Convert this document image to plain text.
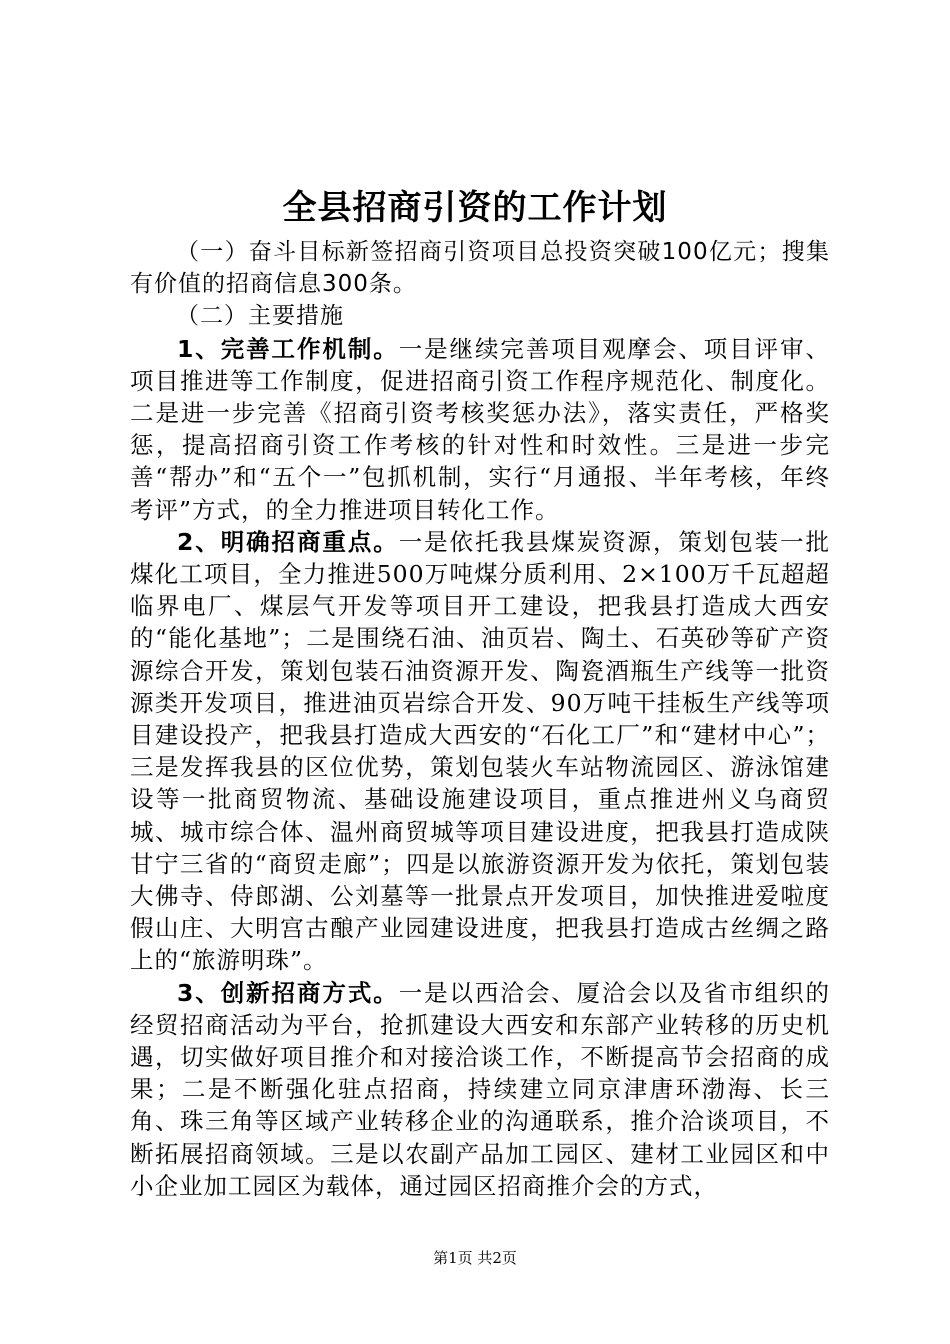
全县招商引资的工作计划

（一）奋斗目标新签招商引资项目总投资突破100亿元；搜集有价值的招商信息300条。

（二）主要措施

1、完善工作机制。一是继续完善项目观摩会、项目评审、项目推进等工作制度，促进招商引资工作程序规范化、制度化。二是进一步完善《招商引资考核奖惩办法》，落实责任，严格奖惩，提高招商引资工作考核的针对性和时效性。三是进一步完善“帮办”和“五个一”包抓机制，实行“月通报、半年考核，年终考评”方式，的全力推进项目转化工作。

2、明确招商重点。一是依托我县煤炭资源，策划包装一批煤化工项目，全力推进500万吨煤分质利用、2×100万千瓦超超临界电厂、煤层气开发等项目开工建设，把我县打造成大西安的“能化基地”；二是围绕石油、油页岩、陶土、石英砂等矿产资源综合开发，策划包装石油资源开发、陶瓷酒瓶生产线等一批资源类开发项目，推进油页岩综合开发、90万吨干挂板生产线等项目建设投产，把我县打造成大西安的“石化工厂”和“建材中心”；三是发挥我县的区位优势，策划包装火车站物流园区、游泳馆建设等一批商贸物流、基础设施建设项目，重点推进州义乌商贸城、城市综合体、温州商贸城等项目建设进度，把我县打造成陕甘宁三省的“商贸走廊”；四是以旅游资源开发为依托，策划包装大佛寺、侍郎湖、公刘墓等一批景点开发项目，加快推进爱啦度假山庄、大明宫古酿产业园建设进度，把我县打造成古丝绸之路上的“旅游明珠”。

3、创新招商方式。一是以西洽会、厦洽会以及省市组织的经贸招商活动为平台，抢抓建设大西安和东部产业转移的历史机遇，切实做好项目推介和对接洽谈工作，不断提高节会招商的成果；二是不断强化驻点招商，持续建立同京津唐环渤海、长三角、珠三角等区域产业转移企业的沟通联系，推介洽谈项目，不断拓展招商领域。三是以农副产品加工园区、建材工业园区和中小企业加工园区为载体，通过园区招商推介会的方式，

第1页 共2页
